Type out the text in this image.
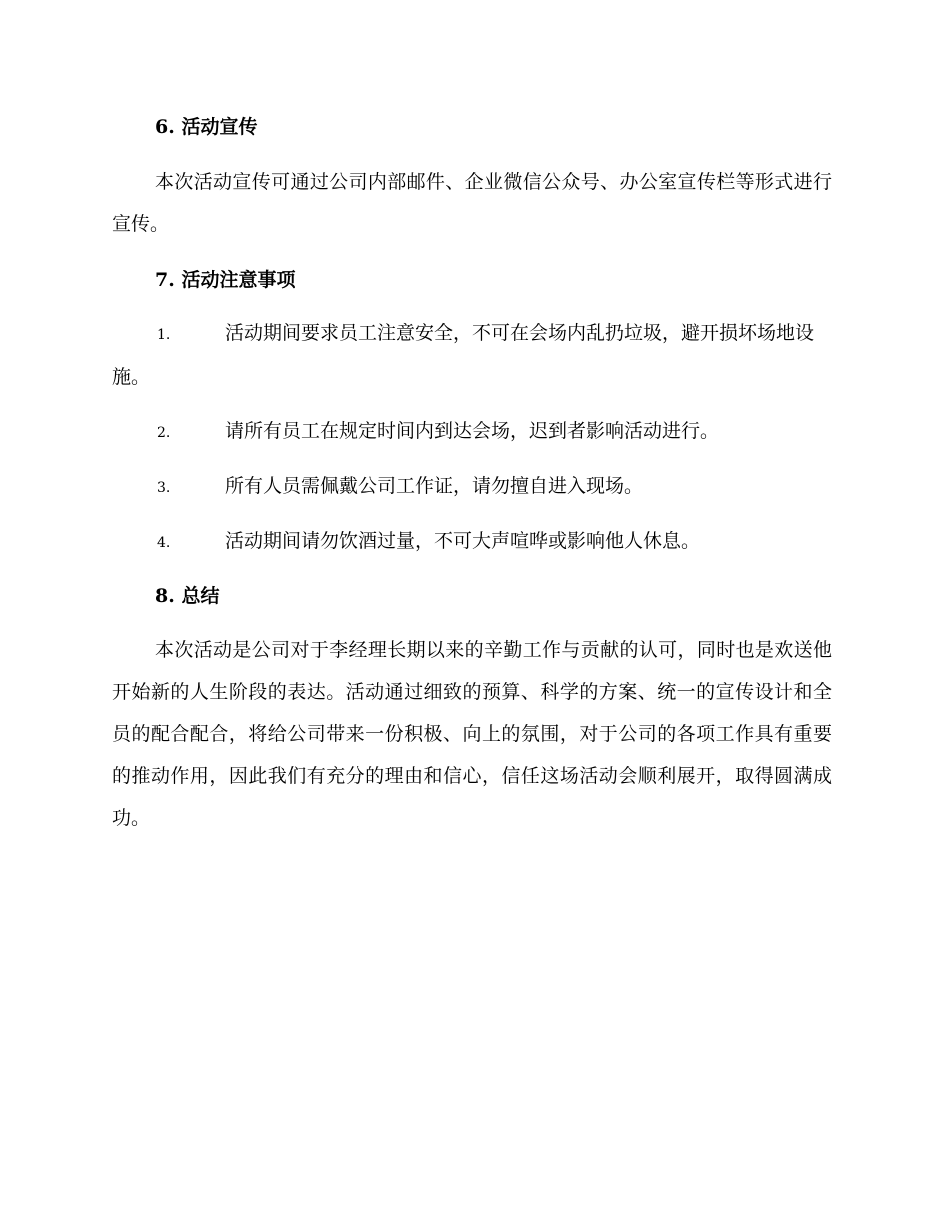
6. 活动宣传
本次活动宣传可通过公司内部邮件、企业微信公众号、办公室宣传栏等形式进行宣传。
7. 活动注意事项
1.	活动期间要求员工注意安全，不可在会场内乱扔垃圾，避开损坏场地设施。
2.	请所有员工在规定时间内到达会场，迟到者影响活动进行。
3.	所有人员需佩戴公司工作证，请勿擅自进入现场。
4.	活动期间请勿饮酒过量，不可大声喧哗或影响他人休息。
8. 总结
本次活动是公司对于李经理长期以来的辛勤工作与贡献的认可，同时也是欢送他开始新的人生阶段的表达。活动通过细致的预算、科学的方案、统一的宣传设计和全员的配合配合，将给公司带来一份积极、向上的氛围，对于公司的各项工作具有重要的推动作用，因此我们有充分的理由和信心，信任这场活动会顺利展开，取得圆满成功。
